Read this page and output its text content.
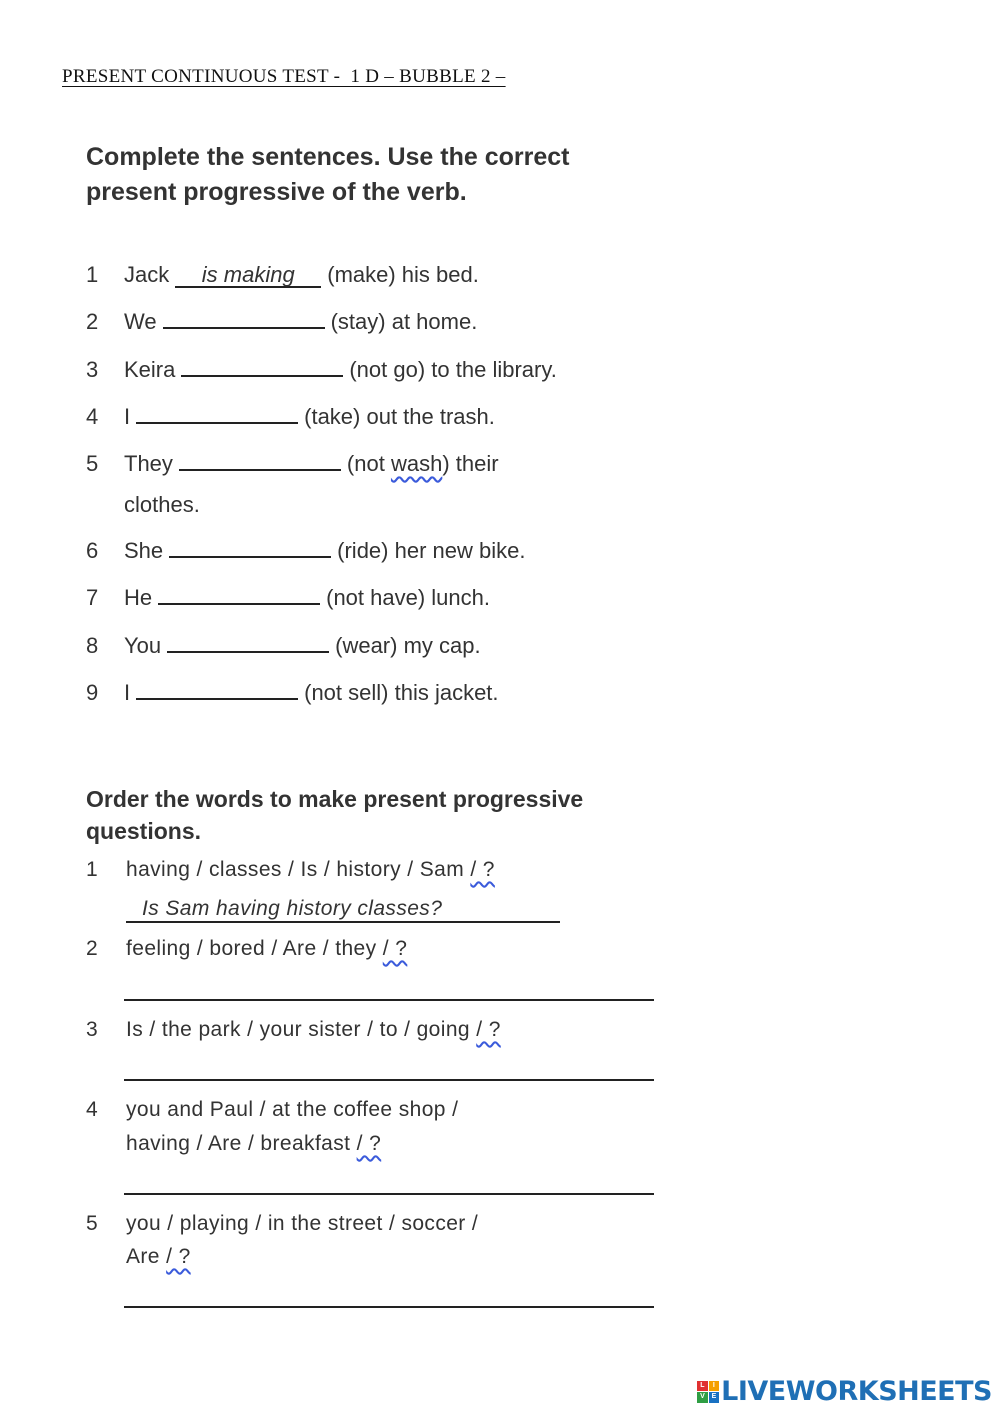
PRESENT CONTINUOUS TEST -  1 D – BUBBLE 2 –
Complete the sentences. Use the correct present progressive of the verb.
1 Jack is making (make) his bed.
2 We	(stay) at home.
3 Keira	(not go) to the library.
4 I	(take) out the trash.
5 They	(not wash) their
clothes.
6 She	(ride) her new bike.
7 He	(not have) lunch.
8 You	(wear) my cap.
9 I	(not sell) this jacket.
Order the words to make present progressive questions.
1 having / classes / Is / history / Sam / ?
Is Sam having history classes?
2 feeling / bored / Are / they / ?
3 Is / the park / your sister / to / going / ?
4 you and Paul / at the coffee shop /
having / Are / breakfast / ?
5 you / playing / in the street / soccer /
Are / ?
L	I
V E LIVEWORKSHEETS
